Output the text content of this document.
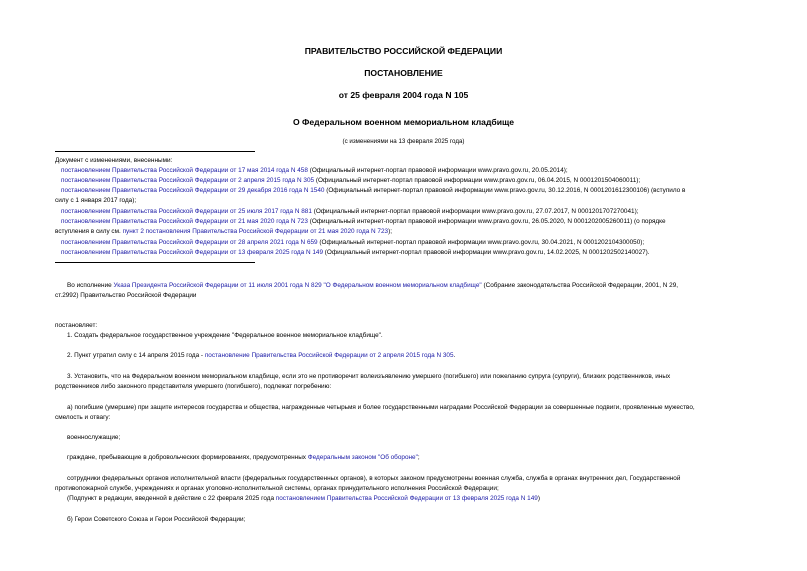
ПРАВИТЕЛЬСТВО РОССИЙСКОЙ ФЕДЕРАЦИИ
ПОСТАНОВЛЕНИЕ
от 25 февраля 2004 года N 105
О Федеральном военном мемориальном кладбище
(с изменениями на 13 февраля 2025 года)
Документ с изменениями, внесенными:
постановлением Правительства Российской Федерации от 17 мая 2014 года N 458 (Официальный интернет-портал правовой информации www.pravo.gov.ru, 20.05.2014);
постановлением Правительства Российской Федерации от 2 апреля 2015 года N 305 (Официальный интернет-портал правовой информации www.pravo.gov.ru, 06.04.2015, N 0001201504060011);
постановлением Правительства Российской Федерации от 29 декабря 2016 года N 1540 (Официальный интернет-портал правовой информации www.pravo.gov.ru, 30.12.2016, N 0001201612300106) (вступило в
силу с 1 января 2017 года);
постановлением Правительства Российской Федерации от 25 июля 2017 года N 881 (Официальный интернет-портал правовой информации www.pravo.gov.ru, 27.07.2017, N 0001201707270041);
постановлением Правительства Российской Федерации от 21 мая 2020 года N 723 (Официальный интернет-портал правовой информации www.pravo.gov.ru, 26.05.2020, N 0001202005260011) (о порядке
вступления в силу см. пункт 2 постановления Правительства Российской Федерации от 21 мая 2020 года N 723);
постановлением Правительства Российской Федерации от 28 апреля 2021 года N 659 (Официальный интернет-портал правовой информации www.pravo.gov.ru, 30.04.2021, N 0001202104300050);
постановлением Правительства Российской Федерации от 13 февраля 2025 года N 149 (Официальный интернет-портал правовой информации www.pravo.gov.ru, 14.02.2025, N 0001202502140027).
Во исполнение Указа Президента Российской Федерации от 11 июля 2001 года N 829 "О Федеральном военном мемориальном кладбище" (Собрание законодательства Российской Федерации, 2001, N 29,
ст.2992) Правительство Российской Федерации
постановляет:
1. Создать федеральное государственное учреждение "Федеральное военное мемориальное кладбище".
2. Пункт утратил силу с 14 апреля 2015 года - постановление Правительства Российской Федерации от 2 апреля 2015 года N 305.
3. Установить, что на Федеральном военном мемориальном кладбище, если это не противоречит волеизъявлению умершего (погибшего) или пожеланию супруга (супруги), близких родственников, иных
родственников либо законного представителя умершего (погибшего), подлежат погребению:
а) погибшие (умершие) при защите интересов государства и общества, награжденные четырьмя и более государственными наградами Российской Федерации за совершенные подвиги, проявленные мужество,
смелость и отвагу:
военнослужащие;
граждане, пребывающие в добровольческих формированиях, предусмотренных Федеральным законом "Об обороне";
сотрудники федеральных органов исполнительной власти (федеральных государственных органов), в которых законом предусмотрены военная служба, служба в органах внутренних дел, Государственной
противопожарной службе, учреждениях и органах уголовно-исполнительной системы, органах принудительного исполнения Российской Федерации;
(Подпункт в редакции, введенной в действие с 22 февраля 2025 года постановлением Правительства Российской Федерации от 13 февраля 2025 года N 149)
б) Герои Советского Союза и Герои Российской Федерации;
